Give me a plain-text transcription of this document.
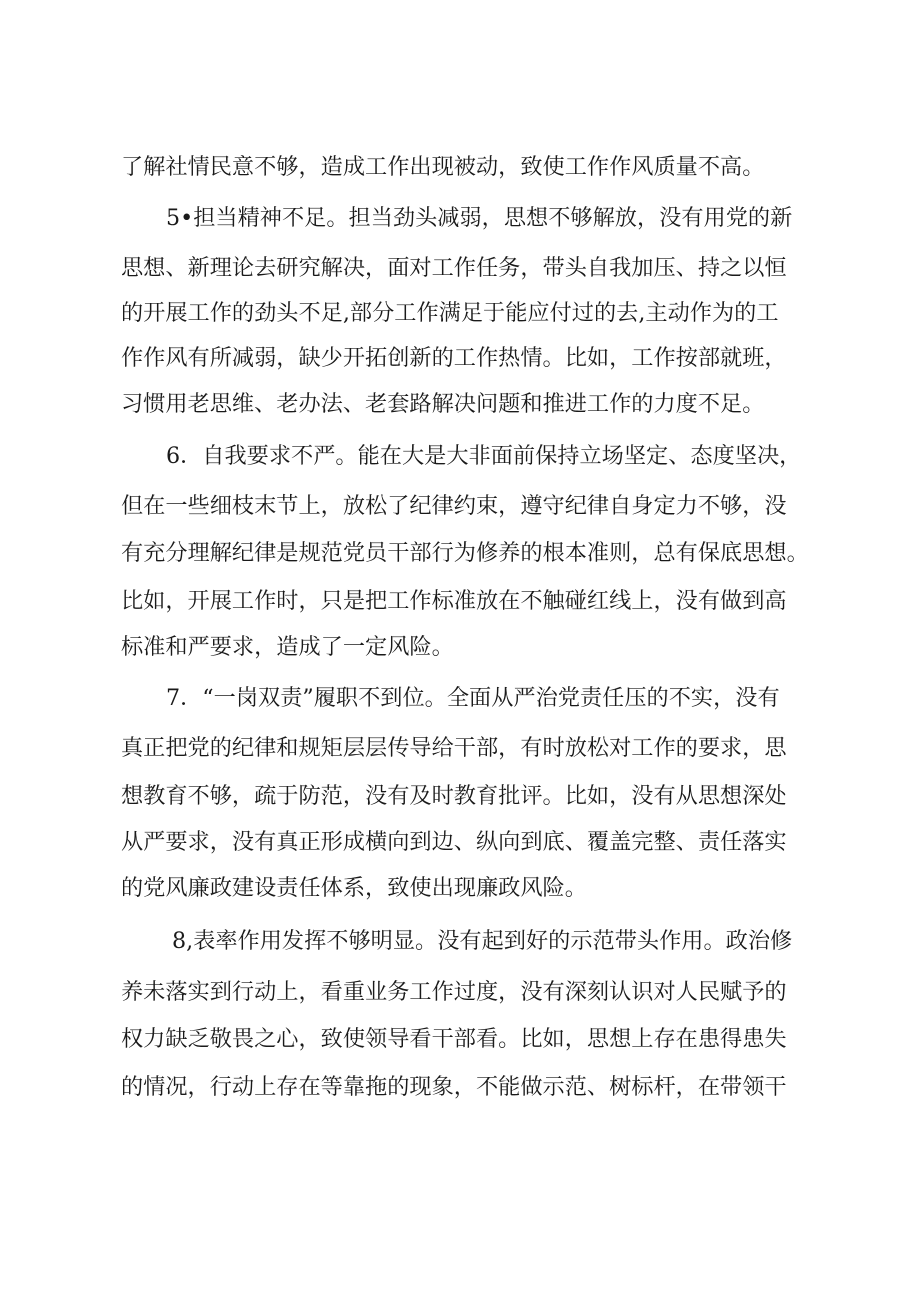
了解社情民意不够，造成工作出现被动，致使工作作风质量不高。
5•担当精神不足。担当劲头减弱，思想不够解放，没有用党的新
思想、新理论去研究解决，面对工作任务，带头自我加压、持之以恒
的开展工作的劲头不足,部分工作满足于能应付过的去,主动作为的工
作作风有所减弱，缺少开拓创新的工作热情。比如，工作按部就班，
习惯用老思维、老办法、老套路解决问题和推进工作的力度不足。
6．自我要求不严。能在大是大非面前保持立场坚定、态度坚决，
但在一些细枝末节上，放松了纪律约束，遵守纪律自身定力不够，没
有充分理解纪律是规范党员干部行为修养的根本准则，总有保底思想。
比如，开展工作时，只是把工作标准放在不触碰红线上，没有做到高
标准和严要求，造成了一定风险。
7．“一岗双责”履职不到位。全面从严治党责任压的不实，没有
真正把党的纪律和规矩层层传导给干部，有时放松对工作的要求，思
想教育不够，疏于防范，没有及时教育批评。比如，没有从思想深处
从严要求，没有真正形成横向到边、纵向到底、覆盖完整、责任落实
的党风廉政建设责任体系，致使出现廉政风险。
8,表率作用发挥不够明显。没有起到好的示范带头作用。政治修
养未落实到行动上，看重业务工作过度，没有深刻认识对人民赋予的
权力缺乏敬畏之心，致使领导看干部看。比如，思想上存在患得患失
的情况，行动上存在等靠拖的现象，不能做示范、树标杆，在带领干
